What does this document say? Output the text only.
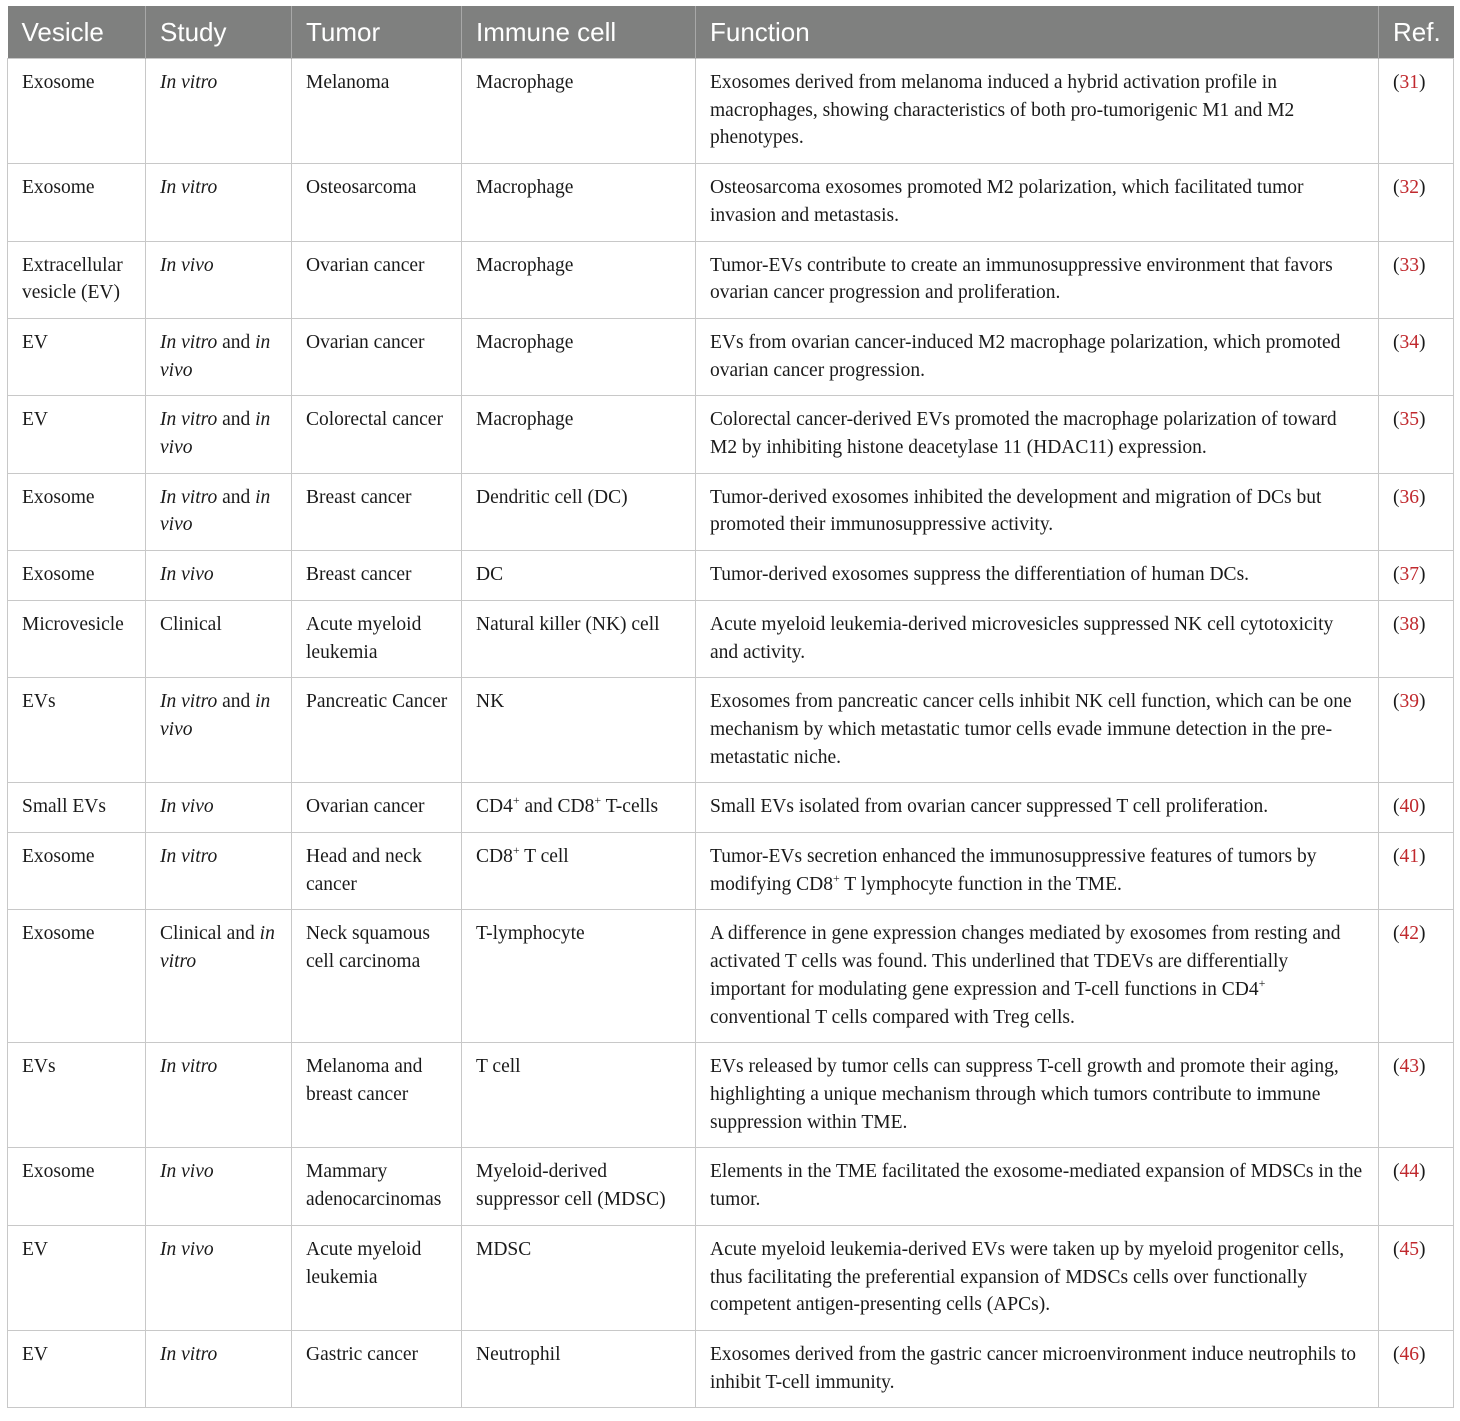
Vesicle	Study	Tumor	Immune cell	Function	Ref.
Exosome	In vitro	Melanoma	Macrophage	Exosomes derived from melanoma induced a hybrid activation profile in macrophages, showing characteristics of both pro-tumorigenic M1 and M2 phenotypes.	(31)
Exosome	In vitro	Osteosarcoma	Macrophage	Osteosarcoma exosomes promoted M2 polarization, which facilitated tumor invasion and metastasis.	(32)
Extracellular vesicle (EV)	In vivo	Ovarian cancer	Macrophage	Tumor-EVs contribute to create an immunosuppressive environment that favors ovarian cancer progression and proliferation.	(33)
EV	In vitro and in vivo	Ovarian cancer	Macrophage	EVs from ovarian cancer-induced M2 macrophage polarization, which promoted ovarian cancer progression.	(34)
EV	In vitro and in vivo	Colorectal cancer	Macrophage	Colorectal cancer-derived EVs promoted the macrophage polarization of toward M2 by inhibiting histone deacetylase 11 (HDAC11) expression.	(35)
Exosome	In vitro and in vivo	Breast cancer	Dendritic cell (DC)	Tumor-derived exosomes inhibited the development and migration of DCs but promoted their immunosuppressive activity.	(36)
Exosome	In vivo	Breast cancer	DC	Tumor-derived exosomes suppress the differentiation of human DCs.	(37)
Microvesicle	Clinical	Acute myeloid leukemia	Natural killer (NK) cell	Acute myeloid leukemia-derived microvesicles suppressed NK cell cytotoxicity and activity.	(38)
EVs	In vitro and in vivo	Pancreatic Cancer	NK	Exosomes from pancreatic cancer cells inhibit NK cell function, which can be one mechanism by which metastatic tumor cells evade immune detection in the pre-metastatic niche.	(39)
Small EVs	In vivo	Ovarian cancer	CD4+ and CD8+ T-cells	Small EVs isolated from ovarian cancer suppressed T cell proliferation.	(40)
Exosome	In vitro	Head and neck cancer	CD8+ T cell	Tumor-EVs secretion enhanced the immunosuppressive features of tumors by modifying CD8+ T lymphocyte function in the TME.	(41)
Exosome	Clinical and in vitro	Neck squamous cell carcinoma	T-lymphocyte	A difference in gene expression changes mediated by exosomes from resting and activated T cells was found. This underlined that TDEVs are differentially important for modulating gene expression and T-cell functions in CD4+ conventional T cells compared with Treg cells.	(42)
EVs	In vitro	Melanoma and breast cancer	T cell	EVs released by tumor cells can suppress T-cell growth and promote their aging, highlighting a unique mechanism through which tumors contribute to immune suppression within TME.	(43)
Exosome	In vivo	Mammary adenocarcinomas	Myeloid-derived suppressor cell (MDSC)	Elements in the TME facilitated the exosome-mediated expansion of MDSCs in the tumor.	(44)
EV	In vivo	Acute myeloid leukemia	MDSC	Acute myeloid leukemia-derived EVs were taken up by myeloid progenitor cells, thus facilitating the preferential expansion of MDSCs cells over functionally competent antigen-presenting cells (APCs).	(45)
EV	In vitro	Gastric cancer	Neutrophil	Exosomes derived from the gastric cancer microenvironment induce neutrophils to inhibit T-cell immunity.	(46)
